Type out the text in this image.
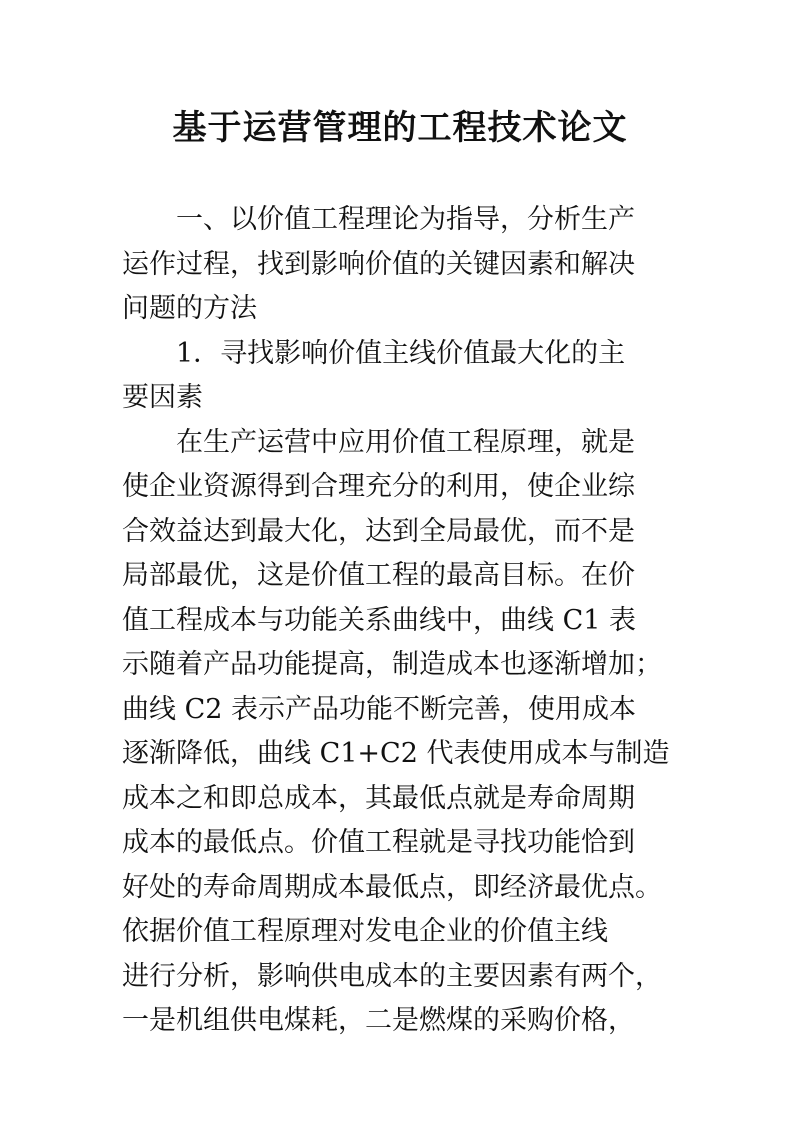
基于运营管理的工程技术论文
一、以价值工程理论为指导，分析生产
运作过程，找到影响价值的关键因素和解决
问题的方法
1．寻找影响价值主线价值最大化的主
要因素
在生产运营中应用价值工程原理，就是
使企业资源得到合理充分的利用，使企业综
合效益达到最大化，达到全局最优，而不是
局部最优，这是价值工程的最高目标。在价
值工程成本与功能关系曲线中，曲线 C1 表
示随着产品功能提高，制造成本也逐渐增加；
曲线 C2 表示产品功能不断完善，使用成本
逐渐降低，曲线 C1+C2 代表使用成本与制造
成本之和即总成本，其最低点就是寿命周期
成本的最低点。价值工程就是寻找功能恰到
好处的寿命周期成本最低点，即经济最优点。
依据价值工程原理对发电企业的价值主线
进行分析，影响供电成本的主要因素有两个，
一是机组供电煤耗，二是燃煤的采购价格，
